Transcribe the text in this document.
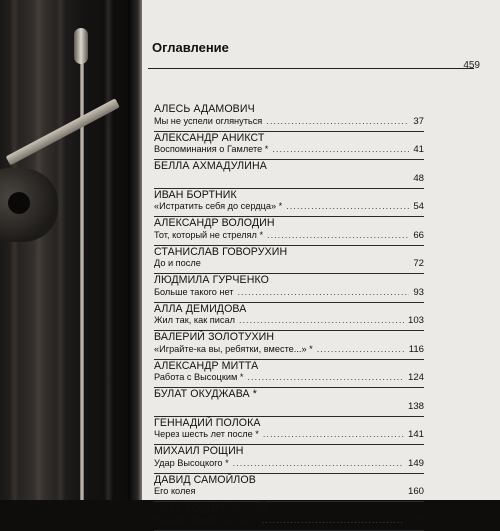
Оглавление
459
АЛЕСЬ АДАМОВИЧ
Мы не успели оглянуться .....	37
АЛЕКСАНДР АНИКСТ
Воспоминания о Гамлете * .....	41
БЕЛЛА АХМАДУЛИНА
48
ИВАН БОРТНИК
«Истратить себя до сердца» * .....	54
АЛЕКСАНДР ВОЛОДИН
Тот, который не стрелял * .....	66
СТАНИСЛАВ ГОВОРУХИН
До и после	72
ЛЮДМИЛА ГУРЧЕНКО
Больше такого нет .....	93
АЛЛА ДЕМИДОВА
Жил так, как писал .....	103
ВАЛЕРИЙ ЗОЛОТУХИН
«Играйте-ка вы, ребятки, вместе...» * .....	116
АЛЕКСАНДР МИТТА
Работа с Высоцким * .....	124
БУЛАТ ОКУДЖАВА *
138
ГЕННАДИЙ ПОЛОКА
Через шесть лет после * .....	141
МИХАИЛ РОЩИН
Удар Высоцкого * .....	149
ДАВИД САМОЙЛОВ
Его колея	160
ПЕТР ТОДОРОВСКИЙ
Пришло время поэта... * .....	163
